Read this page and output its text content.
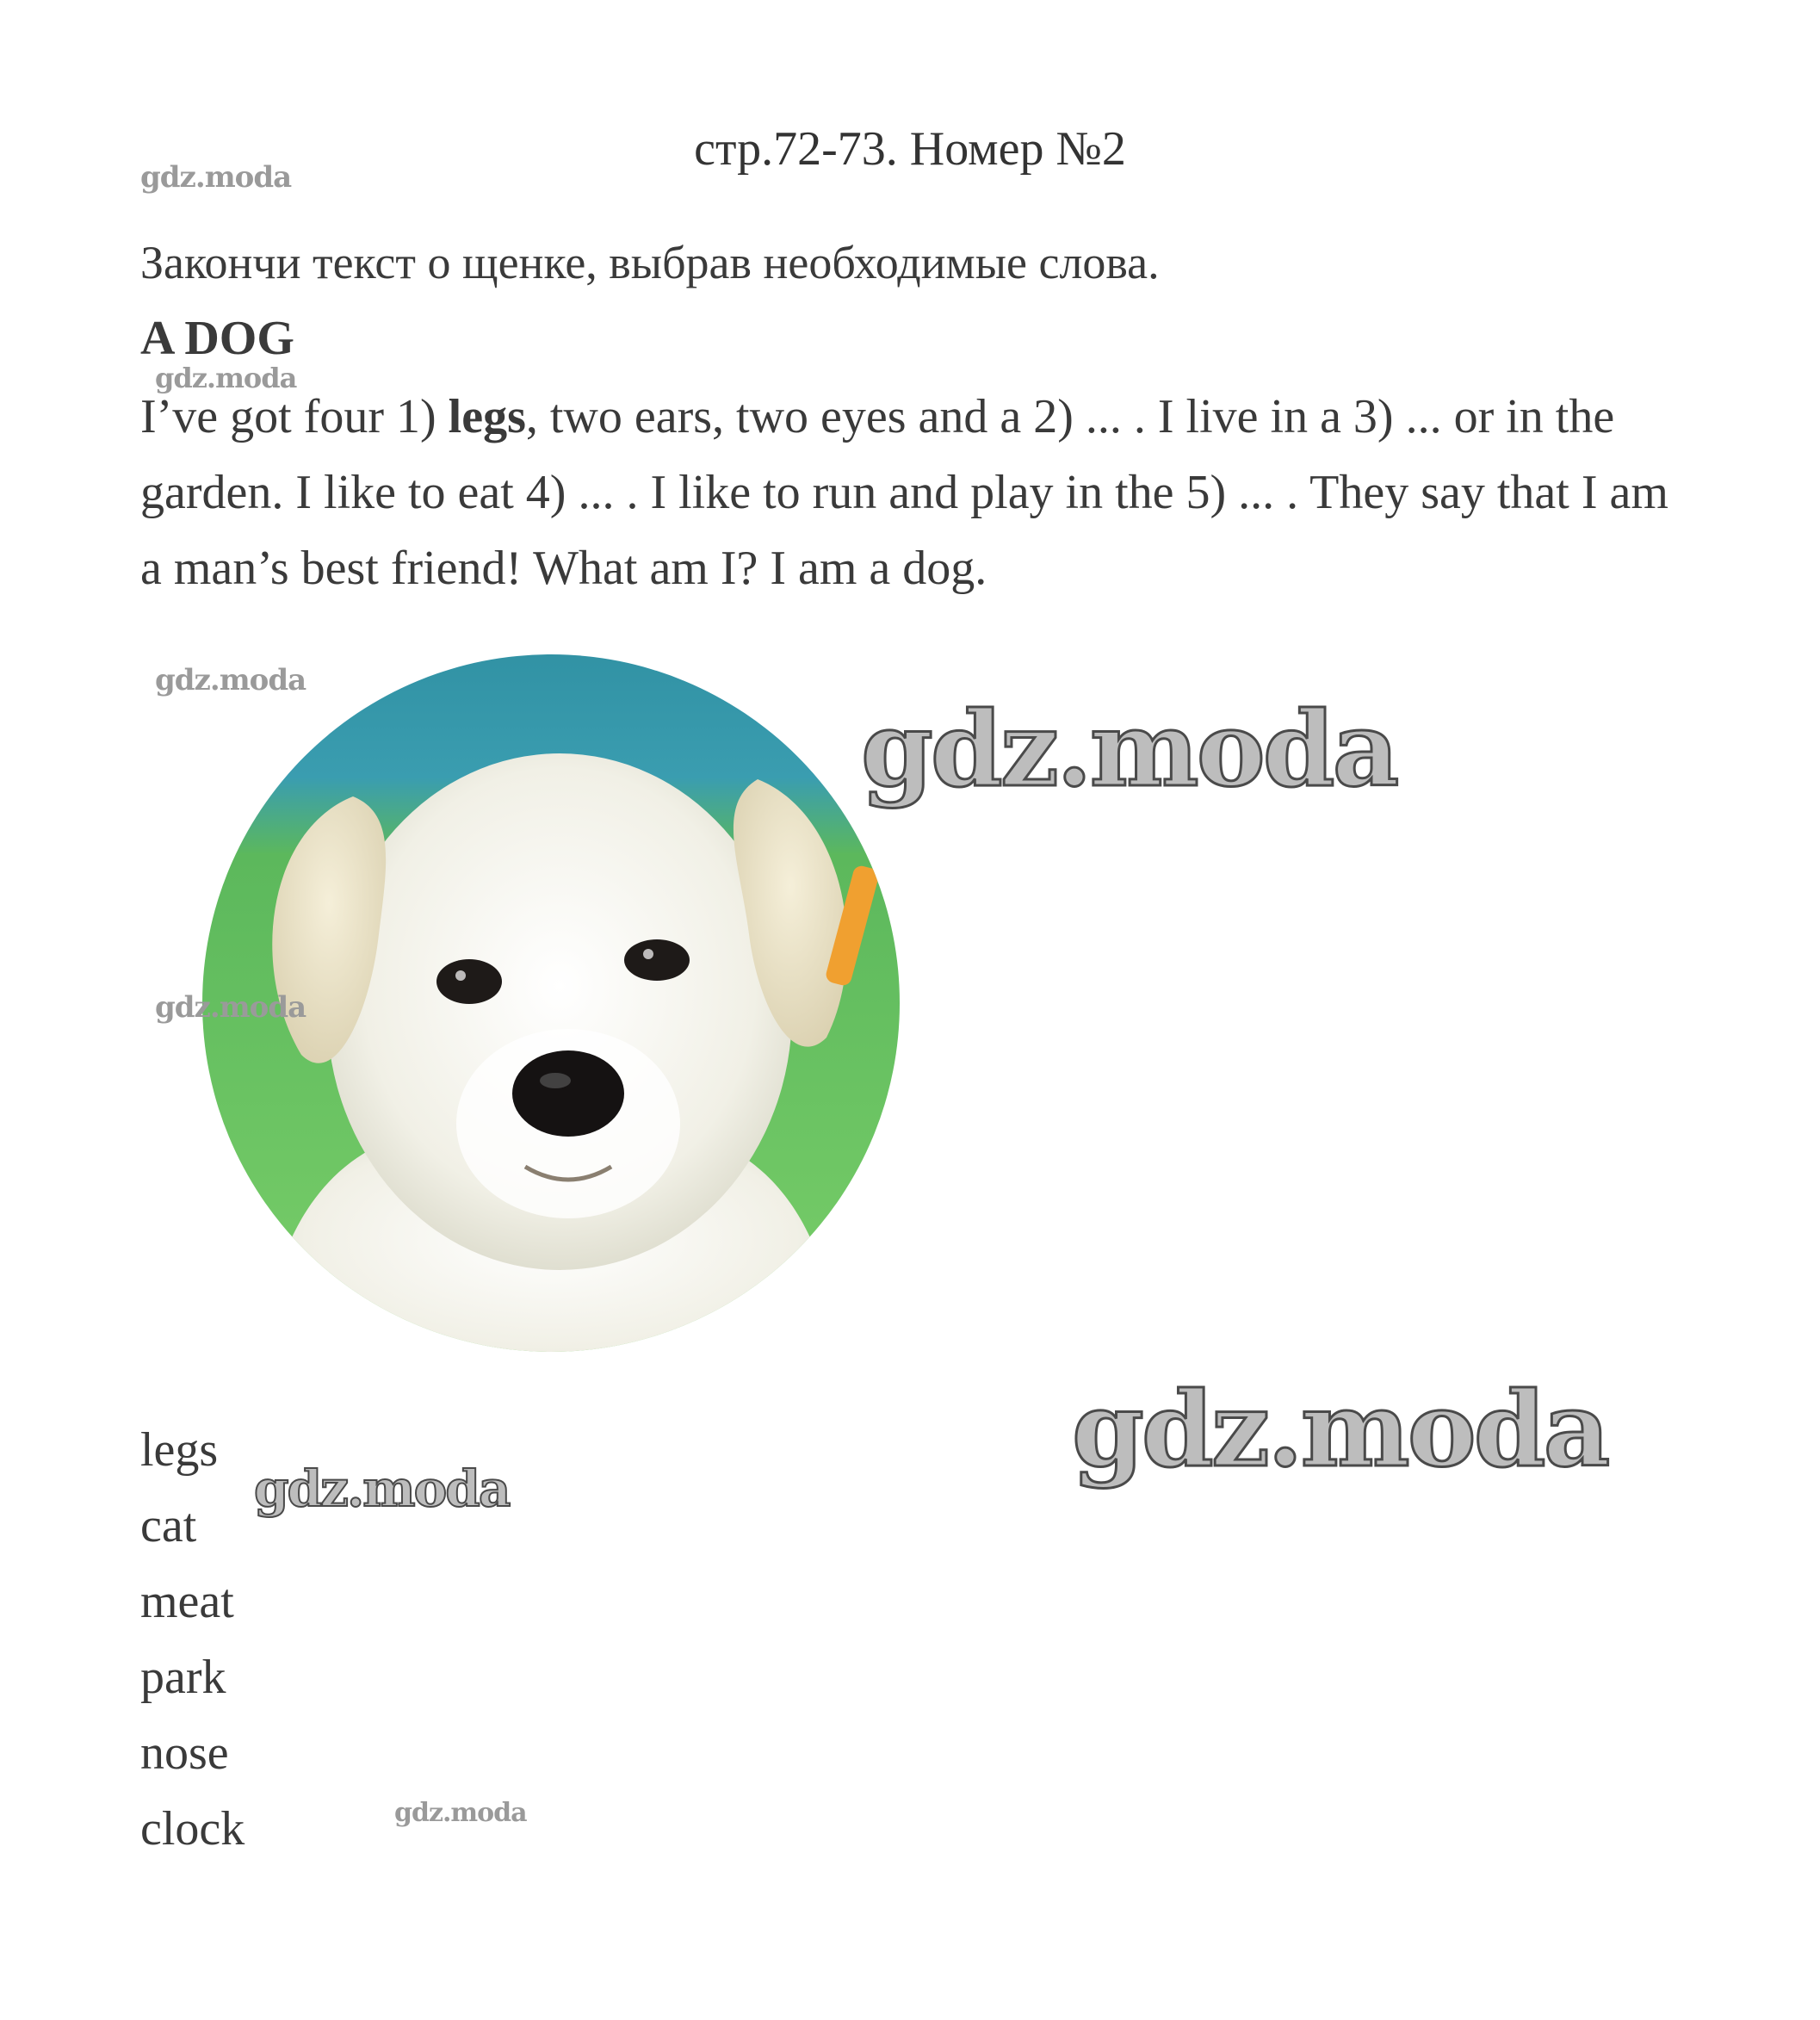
стр.72-73. Номер №2
gdz.moda
Закончи текст о щенке, выбрав необходимые слова.
A DOG
gdz.moda

I’ve got four 1) legs, two ears, two eyes and a 2) ... . I live in a 3) ... or in the garden. I like to eat 4) ... . I like to run and play in the 5) ... . They say that I am a man’s best friend! What am I? I am a dog.

gdz.moda
gdz.moda
gdz.moda
gdz.moda
legs
cat
meat
park
nose
clock
gdz.moda
gdz.moda
